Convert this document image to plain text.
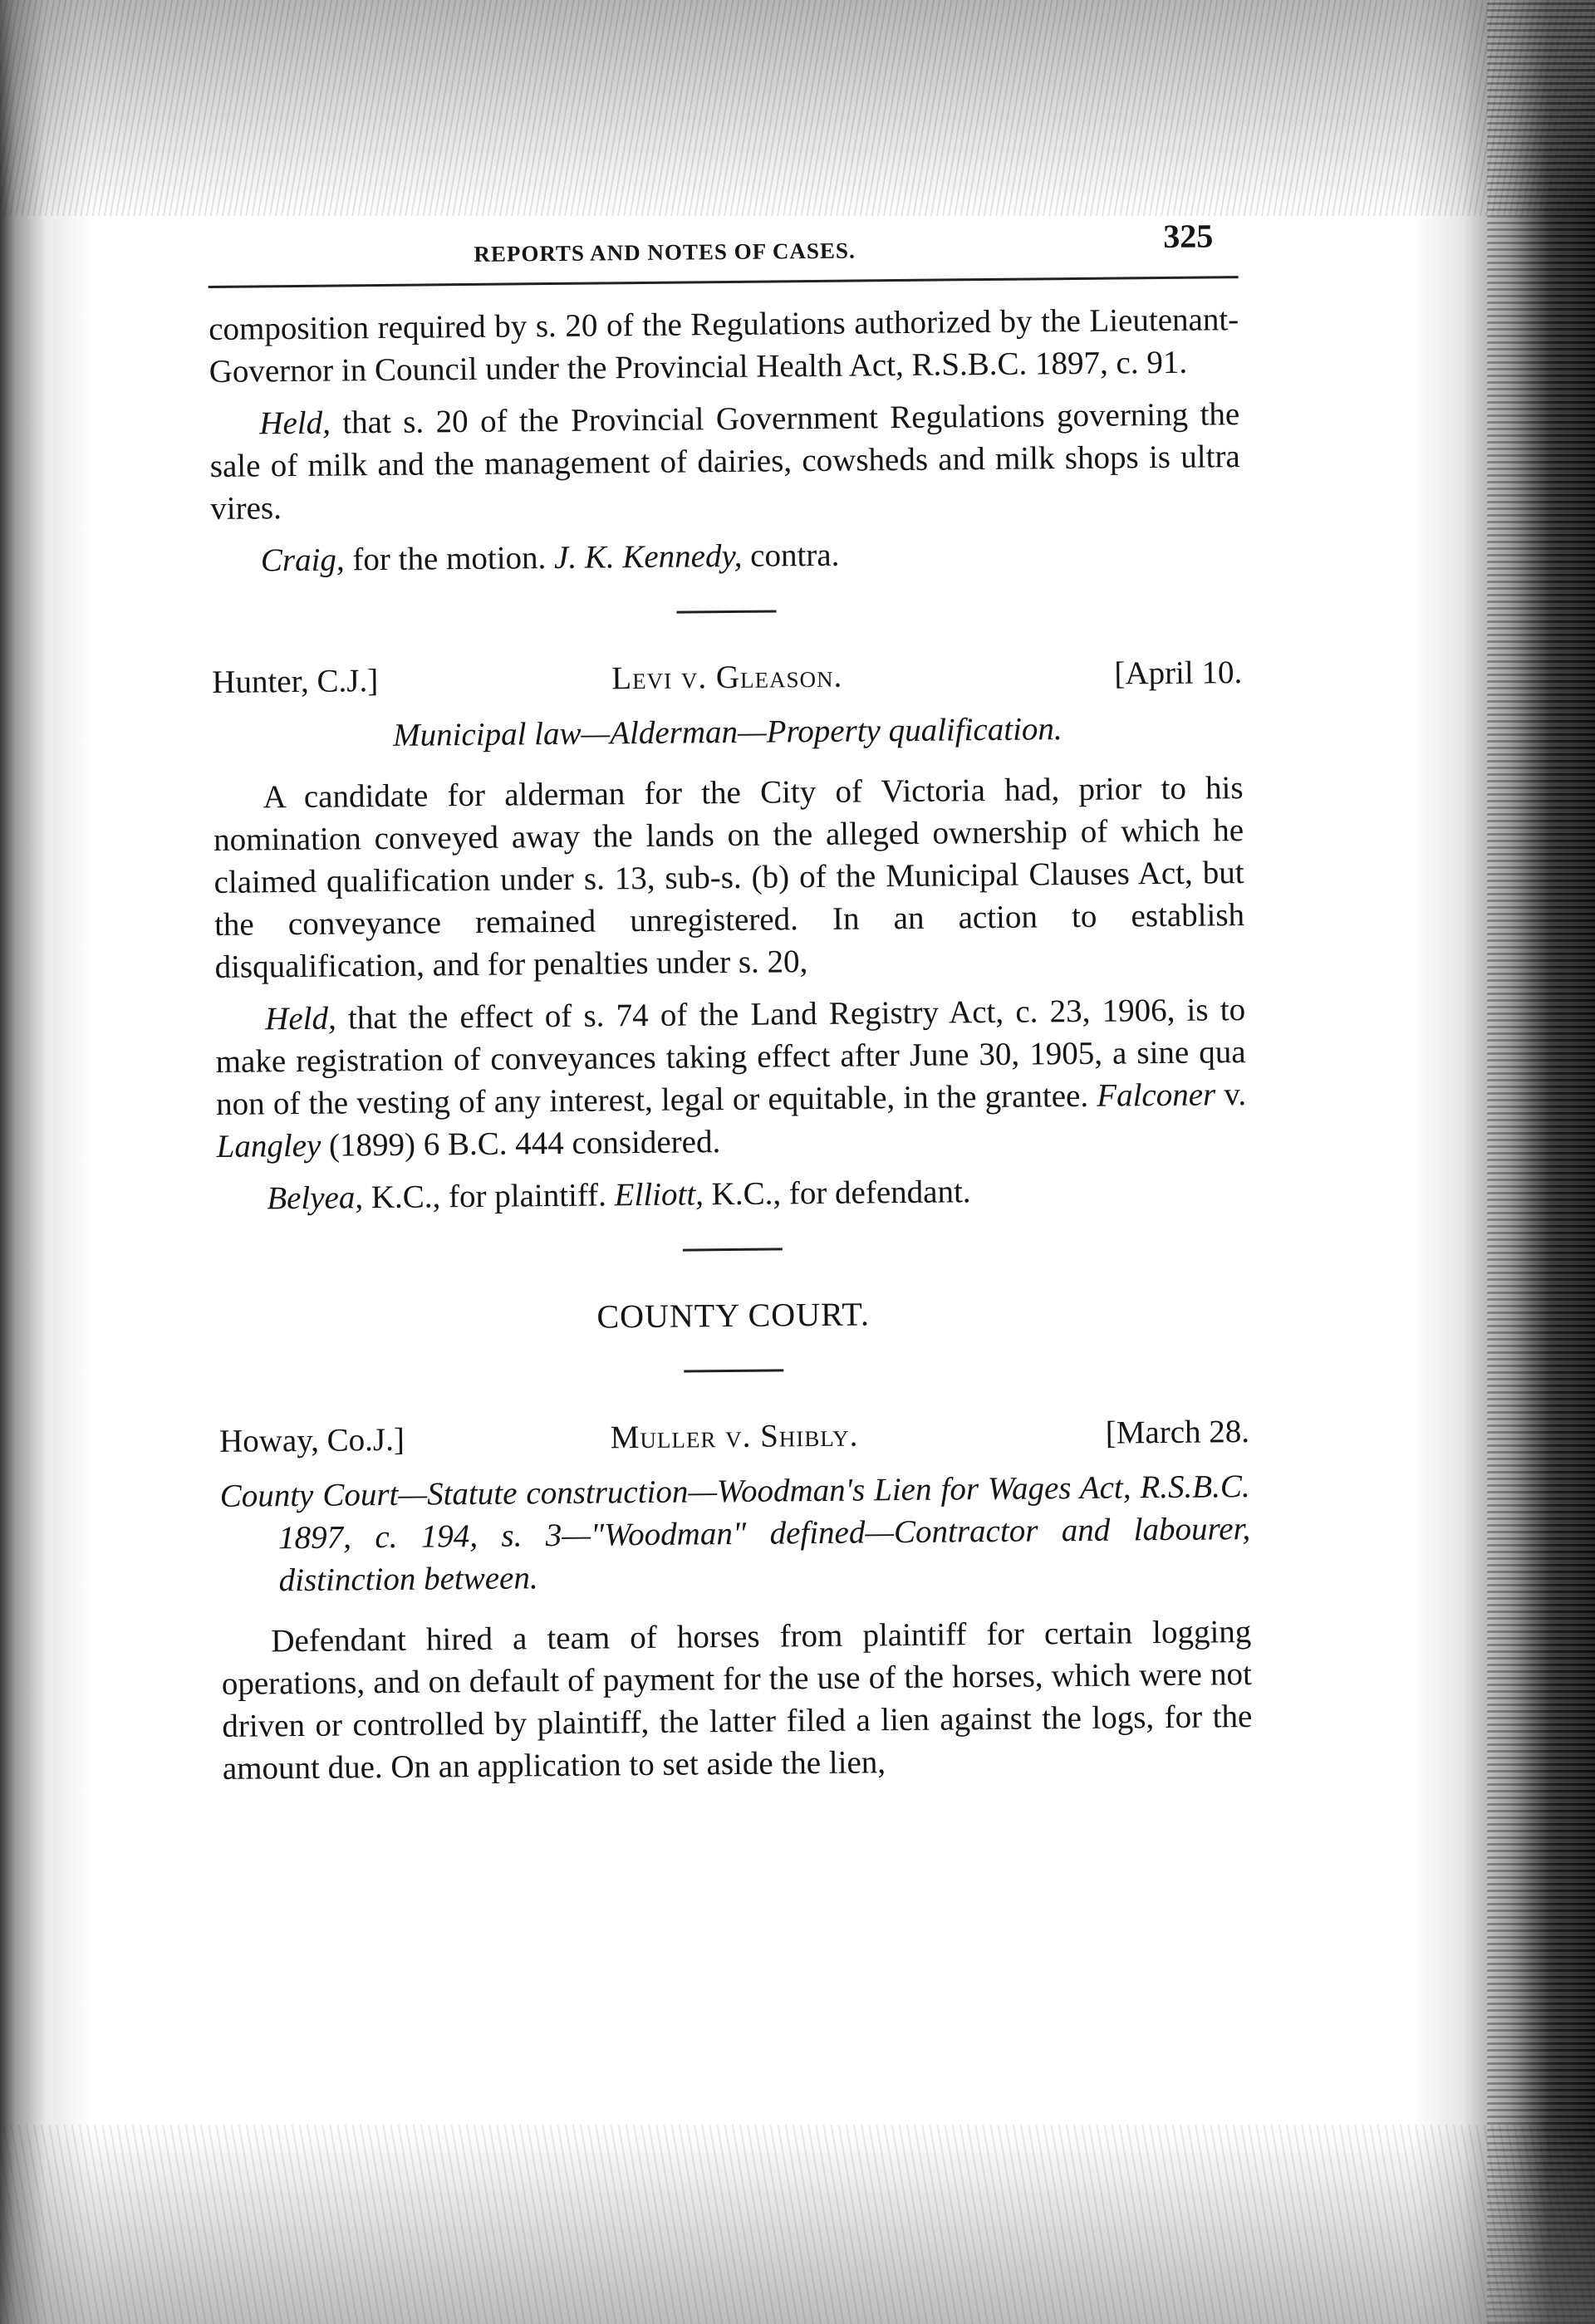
REPORTS AND NOTES OF CASES.	325

composition required by s. 20 of the Regulations authorized by the Lieutenant-Governor in Council under the Provincial Health Act, R.S.B.C. 1897, c. 91.

Held, that s. 20 of the Provincial Government Regulations governing the sale of milk and the management of dairies, cowsheds and milk shops is ultra vires.

Craig, for the motion. J. K. Kennedy, contra.

Hunter, C.J.]	Levi v. Gleason.	[April 10.

Municipal law—Alderman—Property qualification.

A candidate for alderman for the City of Victoria had, prior to his nomination conveyed away the lands on the alleged ownership of which he claimed qualification under s. 13, sub-s. (b) of the Municipal Clauses Act, but the conveyance remained unregistered. In an action to establish disqualification, and for penalties under s. 20,

Held, that the effect of s. 74 of the Land Registry Act, c. 23, 1906, is to make registration of conveyances taking effect after June 30, 1905, a sine qua non of the vesting of any interest, legal or equitable, in the grantee. Falconer v. Langley (1899) 6 B.C. 444 considered.

Belyea, K.C., for plaintiff. Elliott, K.C., for defendant.

COUNTY COURT.

Howay, Co.J.]	Muller v. Shibly.	[March 28.

County Court—Statute construction—Woodman's Lien for Wages Act, R.S.B.C. 1897, c. 194, s. 3—"Woodman" defined—Contractor and labourer, distinction between.

Defendant hired a team of horses from plaintiff for certain logging operations, and on default of payment for the use of the horses, which were not driven or controlled by plaintiff, the latter filed a lien against the logs, for the amount due. On an application to set aside the lien,
